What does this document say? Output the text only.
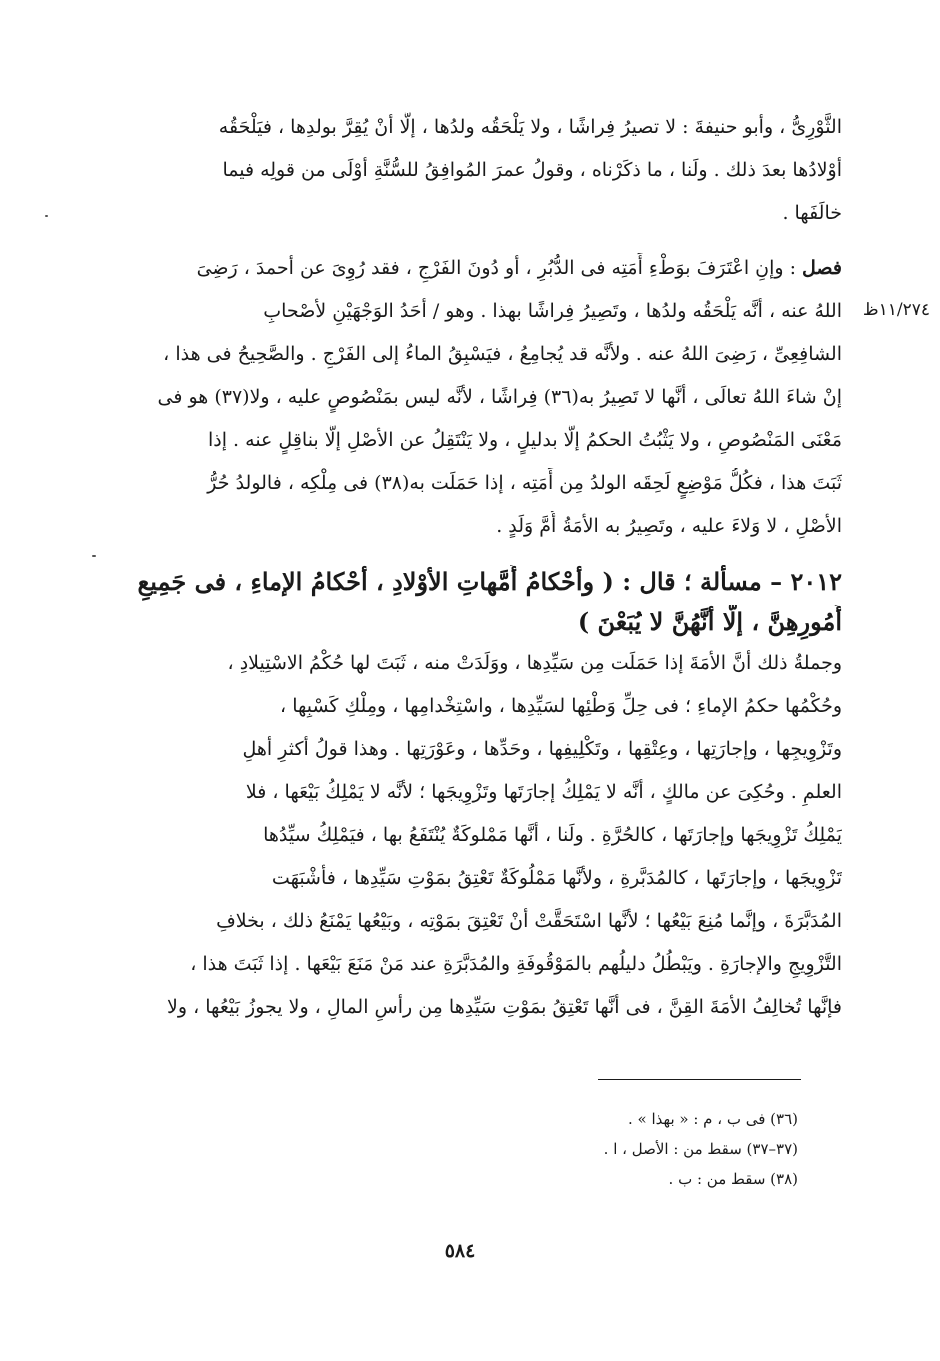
الثَّوْرِىُّ ، وأبو حنيفةَ : لا تصيرُ فِراشًا ، ولا يَلْحَقُه ولدُها ، إلَّا أنْ يُقِرَّ بولدِها ، فيَلْحَقُه
أوْلادُها بعدَ ذلك . ولَنا ، ما ذكَرْناه ، وقولُ عمرَ المُوافِقُ للسُّنَّةِ أوْلَى من قولِه فيما
خالَفَها .
فصل : وإنِ اعْتَرَفَ بوَطْءِ أَمَتِه فى الدُّبُرِ ، أو دُونَ الفَرْجِ ، فقد رُوِىَ عن أحمدَ ، رَضِىَ
اللهُ عنه ، أنَّه يَلْحَقُه ولدُها ، وتَصِيرُ فِراشًا بهذا . وهو / أحَدُ الوَجْهَيْنِ لأصْحابِ
الشافِعِىِّ ، رَضِىَ اللهُ عنه . ولأنَّه قد يُجامِعُ ، فيَسْبِقُ الماءُ إلى الفَرْجِ . والصَّحِيحُ فى هذا ،
إنْ شاءَ اللهُ تعالَى ، أنَّها لا تَصِيرُ به(٣٦) فِراشًا ، لأنَّه ليس بمَنْصُوصٍ عليه ، ولا(٣٧) هو فى
مَعْنَى المَنْصُوصِ ، ولا يَثْبُتُ الحكمُ إلَّا بدليلٍ ، ولا يَنْتَقِلُ عن الأصْلِ إلَّا بناقِلٍ عنه . إذا
ثَبَتَ هذا ، فكُلُّ مَوْضِعٍ لَحِقَه الولدُ مِن أَمَتِه ، إذا حَمَلَت به(٣٨) فى مِلْكِه ، فالولدُ حُرُّ
الأصْلِ ، لا وَلاءَ عليه ، وتَصِيرُ به الأمَةُ أُمَّ وَلَدٍ .
١١/٢٧٤ظ
٢٠١٢ – مسألة ؛ قال : ( وأحْكامُ أُمَّهاتِ الأوْلادِ ، أحْكامُ الإماءِ ، فى جَمِيعِ
أُمُورِهِنَّ ، إلَّا أنَّهُنَّ لا يُبَعْنَ )
وجملةُ ذلك أنَّ الأمَةَ إذا حَمَلَت مِن سَيِّدِها ، ووَلَدَتْ منه ، ثَبَتَ لها حُكْمُ الاسْتِيلادِ ،
وحُكْمُها حكمُ الإماءِ ؛ فى حِلِّ وَطْئِها لسَيِّدِها ، واسْتِخْدامِها ، ومِلْكِ كَسْبِها ،
وتَزْوِيجِها ، وإجارَتِها ، وعِتْقِها ، وتَكْلِيفِها ، وحَدِّها ، وعَوْرَتِها . وهذا قولُ أكثرِ أهلِ
العلمِ . وحُكِىَ عن مالكٍ ، أنَّه لا يَمْلِكُ إجارَتَها وتَزْوِيجَها ؛ لأنَّه لا يَمْلِكُ بَيْعَها ، فلا
يَمْلِكُ تَزْوِيجَها وإجارَتَها ، كالحُرَّةِ . ولَنا ، أنَّها مَمْلوكَةٌ يُنْتَفَعُ بها ، فيَمْلِكُ سيِّدُها
تَزْوِيجَها ، وإجارَتَها ، كالمُدَبَّرةِ ، ولأنَّها مَمْلُوكَةٌ تَعْتِقُ بمَوْتِ سَيِّدِها ، فأشْبَهَت
المُدَبَّرَةَ ، وإنَّما مُنِعَ بَيْعُها ؛ لأنَّها اسْتَحَقَّتْ أنْ تَعْتِقَ بمَوْتِه ، وبَيْعُها يَمْنَعُ ذلك ، بخلافِ
التَّزْوِيجِ والإجارَةِ . ويَبْطُلُ دليلُهم بالمَوْقُوفَةِ والمُدَبَّرَةِ عند مَنْ مَنَعَ بَيْعَها . إذا ثَبَتَ هذا ،
فإنَّها تُخالِفُ الأمَةَ القِنَّ ، فى أنَّها تَعْتِقُ بمَوْتِ سَيِّدِها مِن رأسِ المالِ ، ولا يجوزُ بَيْعُها ، ولا
(٣٦) فى ب ، م : « بهذا » .
(٣٧–٣٧) سقط من : الأصل ، ا .
(٣٨) سقط من : ب .
٥٨٤
